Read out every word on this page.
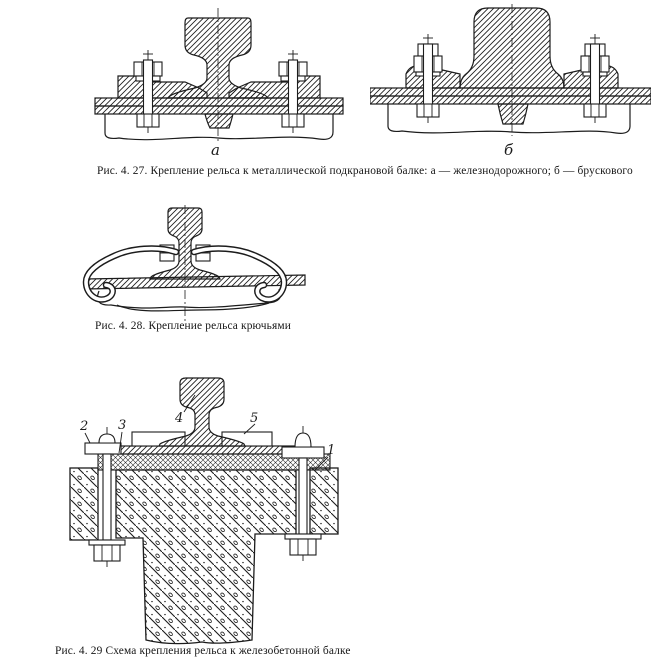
а	б
Рис. 4. 27. Крепление рельса к металлической подкрановой балке: а — железнодорожного; б — брускового
Рис. 4. 28. Крепление рельса крючьями
2 3	4	5
1
Рис. 4. 29 Схема крепления рельса к железобетонной балке
